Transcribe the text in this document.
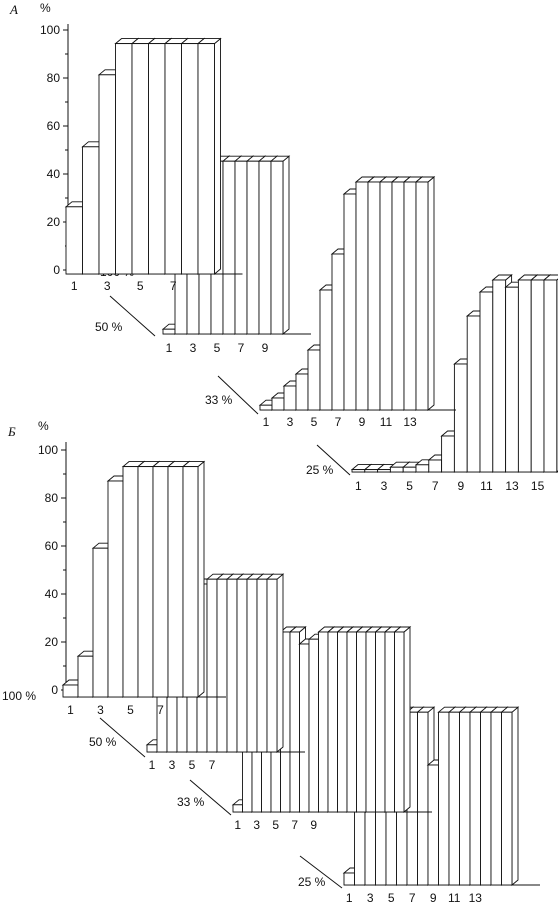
A %
0
20
40
60
80
100
25 %
1 3 5 7 9 11 13 15
33 %
1 3 5 7 9 11 13
50 %
1 3 5 7 9
1 3 5 7
Б %
0
20
40
60
80
100
25 %
1 3 5 7 9 11 13
33 %
1 3 5 7 9
50 %
1 3 5 7
100 %
1 3 5 7
